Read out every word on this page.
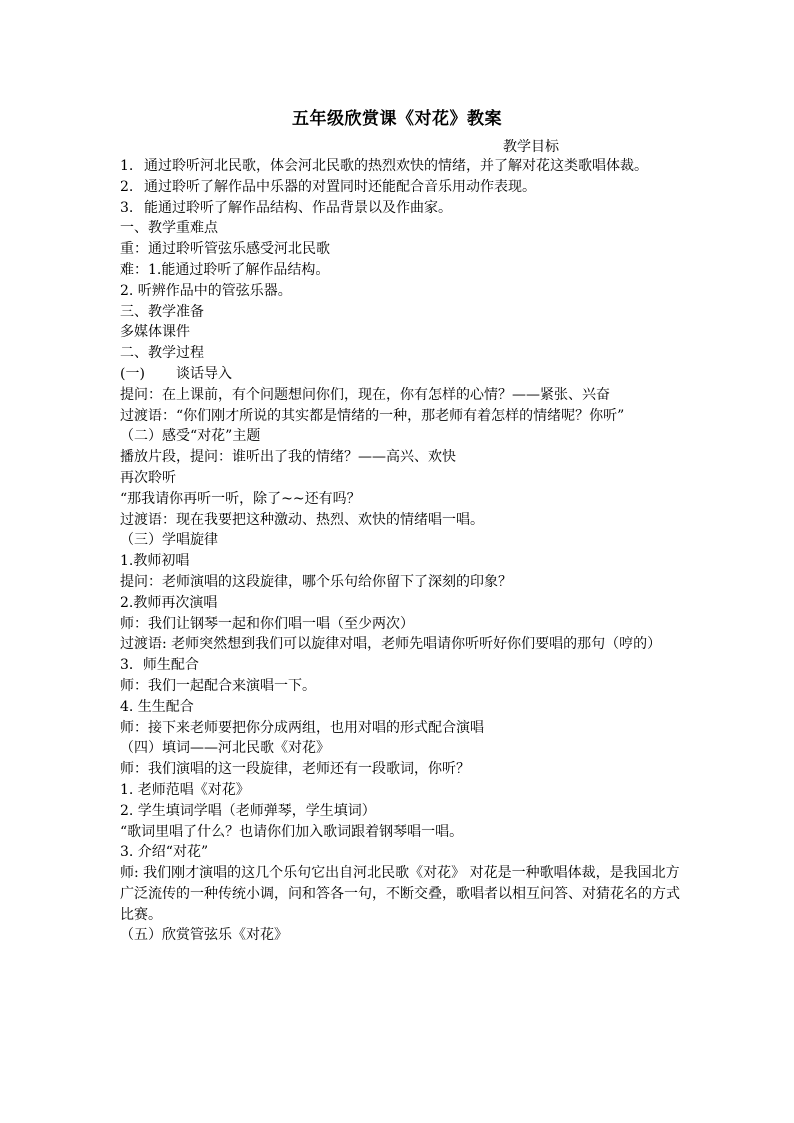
五年级欣赏课《对花》教案
教学目标

1. 通过聆听河北民歌，体会河北民歌的热烈欢快的情绪，并了解对花这类歌唱体裁。

2. 通过聆听了解作品中乐器的对置同时还能配合音乐用动作表现。

3. 能通过聆听了解作品结构、作品背景以及作曲家。

一、教学重难点

重：通过聆听管弦乐感受河北民歌

难：1.能通过聆听了解作品结构。

2. 听辨作品中的管弦乐器。

三、教学准备

多媒体课件

二、教学过程

(一)	谈话导入

提问：在上课前，有个问题想问你们，现在，你有怎样的心情？——紧张、兴奋

过渡语：“你们刚才所说的其实都是情绪的一种，那老师有着怎样的情绪呢？你听”

（二）感受“对花”主题

播放片段，提问：谁听出了我的情绪？——高兴、欢快

再次聆听

“那我请你再听一听，除了~~还有吗？

过渡语：现在我要把这种激动、热烈、欢快的情绪唱一唱。

（三）学唱旋律

1.教师初唱

提问：老师演唱的这段旋律，哪个乐句给你留下了深刻的印象？

2.教师再次演唱

师：我们让钢琴一起和你们唱一唱（至少两次）

过渡语: 老师突然想到我们可以旋律对唱，老师先唱请你听听好你们要唱的那句（哼的）

3．师生配合

师：我们一起配合来演唱一下。

4. 生生配合

师：接下来老师要把你分成两组，也用对唱的形式配合演唱

（四）填词——河北民歌《对花》

师：我们演唱的这一段旋律，老师还有一段歌词，你听？

1. 老师范唱《对花》

2. 学生填词学唱（老师弹琴，学生填词）

“歌词里唱了什么？也请你们加入歌词跟着钢琴唱一唱。

3. 介绍“对花”

师: 我们刚才演唱的这几个乐句它出自河北民歌《对花》 对花是一种歌唱体裁，是我国北方广泛流传的一种传统小调，问和答各一句，不断交叠，歌唱者以相互问答、对猜花名的方式比赛。

（五）欣赏管弦乐《对花》
